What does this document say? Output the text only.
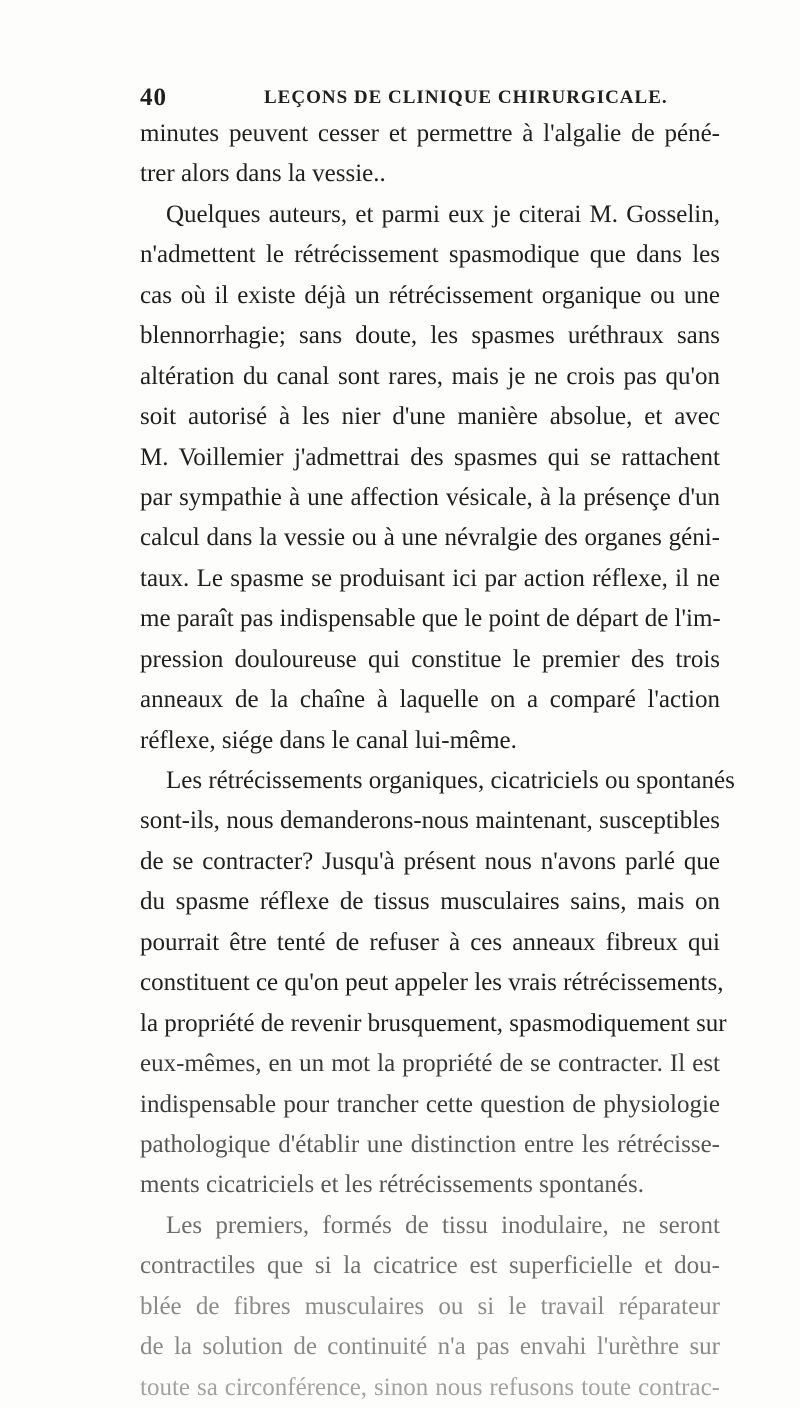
40	LEÇONS DE CLINIQUE CHIRURGICALE.
minutes peuvent cesser et permettre à l'algalie de péné-
trer alors dans la vessie..
Quelques auteurs, et parmi eux je citerai M. Gosselin,
n'admettent le rétrécissement spasmodique que dans les
cas où il existe déjà un rétrécissement organique ou une
blennorrhagie; sans doute, les spasmes uréthraux sans
altération du canal sont rares, mais je ne crois pas qu'on
soit autorisé à les nier d'une manière absolue, et avec
M. Voillemier j'admettrai des spasmes qui se rattachent
par sympathie à une affection vésicale, à la présençe d'un
calcul dans la vessie ou à une névralgie des organes géni-
taux. Le spasme se produisant ici par action réflexe, il ne
me paraît pas indispensable que le point de départ de l'im-
pression douloureuse qui constitue le premier des trois
anneaux de la chaîne à laquelle on a comparé l'action
réflexe, siége dans le canal lui-même.
Les rétrécissements organiques, cicatriciels ou spontanés
sont-ils, nous demanderons-nous maintenant, susceptibles
de se contracter? Jusqu'à présent nous n'avons parlé que
du spasme réflexe de tissus musculaires sains, mais on
pourrait être tenté de refuser à ces anneaux fibreux qui
constituent ce qu'on peut appeler les vrais rétrécissements,
la propriété de revenir brusquement, spasmodiquement sur
eux-mêmes, en un mot la propriété de se contracter. Il est
indispensable pour trancher cette question de physiologie
pathologique d'établir une distinction entre les rétrécisse-
ments cicatriciels et les rétrécissements spontanés.
Les premiers, formés de tissu inodulaire, ne seront
contractiles que si la cicatrice est superficielle et dou-
blée de fibres musculaires ou si le travail réparateur
de la solution de continuité n'a pas envahi l'urèthre sur
toute sa circonférence, sinon nous refusons toute contrac-
